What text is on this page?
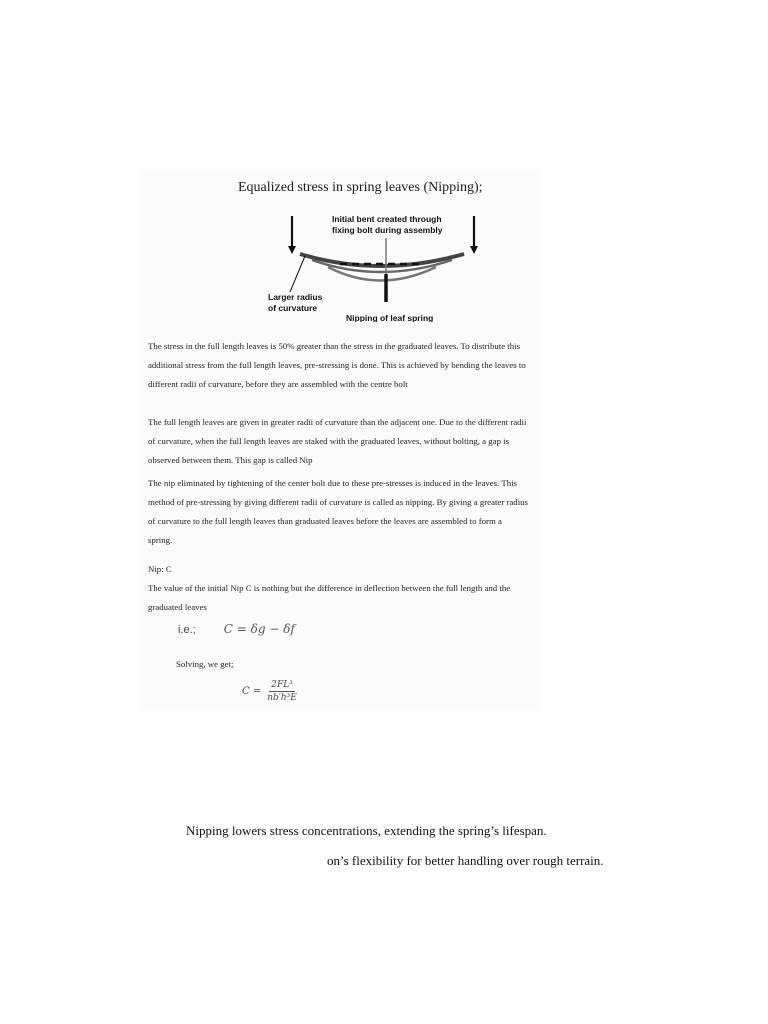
Equalized stress in spring leaves (Nipping);
Initial bent created through
fixing bolt during assembly
Larger radius
of curvature
Nipping of leaf spring
The stress in the full length leaves is 50% greater than the stress in the graduated leaves. To distribute this additional stress from the full length leaves, pre-stressing is done. This is achieved by bending the leaves to different radii of curvature, before they are assembled with the centre bolt
The full length leaves are given in greater radii of curvature than the adjacent one. Due to the different radii of curvature, when the full length leaves are staked with the graduated leaves, without bolting, a gap is observed between them. This gap is called Nip
The nip eliminated by tightening of the center bolt due to these pre-stresses is induced in the leaves. This method of pre-stressing by giving different radii of curvature is called as nipping. By giving a greater radius of curvature to the full length leaves than graduated leaves before the leaves are assembled to form a spring.
Nip: C
The value of the initial Nip C is nothing but the difference in deflection between the full length and the graduated leaves
i.e.; C = δg − δf
Solving, we get;
$C = \frac{\text{2FL³}}{\text{nb′h³E}}$
Nipping lowers stress concentrations, extending the spring’s lifespan.
on’s flexibility for better handling over rough terrain.
